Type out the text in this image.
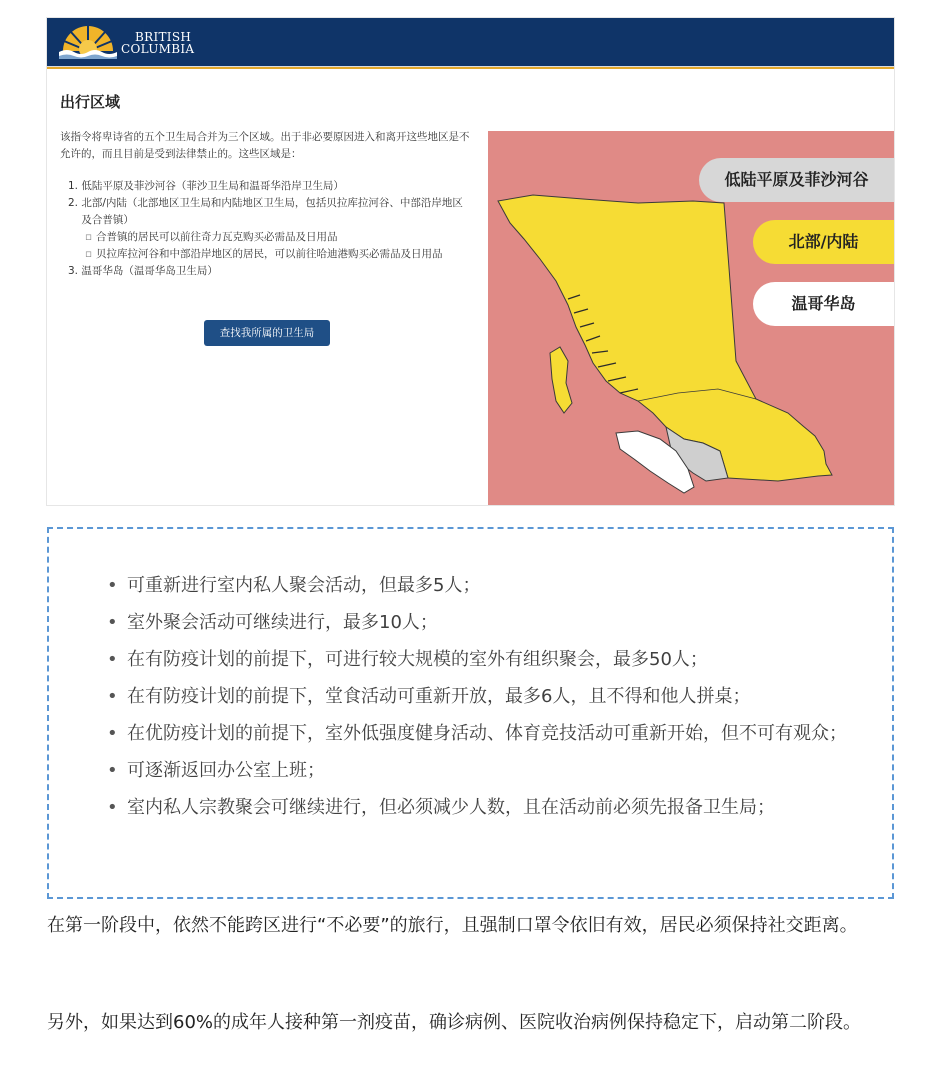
BRITISH
COLUMBIA
出行区域
该指令将卑诗省的五个卫生局合并为三个区域。出于非必要原因进入和离开这些地区是不允许的，而且目前是受到法律禁止的。这些区域是：
1. 低陆平原及菲沙河谷（菲沙卫生局和温哥华沿岸卫生局）
2. 北部/内陆（北部地区卫生局和内陆地区卫生局，包括贝拉库拉河谷、中部沿岸地区及合普镇）
▫ 合普镇的居民可以前往奇力瓦克购买必需品及日用品
▫ 贝拉库拉河谷和中部沿岸地区的居民，可以前往哈迪港购买必需品及日用品
3. 温哥华岛（温哥华岛卫生局）
查找我所属的卫生局
低陆平原及菲沙河谷
北部/内陆
温哥华岛
• 可重新进行室内私人聚会活动，但最多5人；
• 室外聚会活动可继续进行，最多10人；
• 在有防疫计划的前提下，可进行较大规模的室外有组织聚会，最多50人；
• 在有防疫计划的前提下，堂食活动可重新开放，最多6人，且不得和他人拼桌；
• 在优防疫计划的前提下，室外低强度健身活动、体育竞技活动可重新开始，但不可有观众；
• 可逐渐返回办公室上班；
• 室内私人宗教聚会可继续进行，但必须减少人数，且在活动前必须先报备卫生局；

在第一阶段中，依然不能跨区进行“不必要”的旅行，且强制口罩令依旧有效，居民必须保持社交距离。

另外，如果达到60%的成年人接种第一剂疫苗，确诊病例、医院收治病例保持稳定下，启动第二阶段。
